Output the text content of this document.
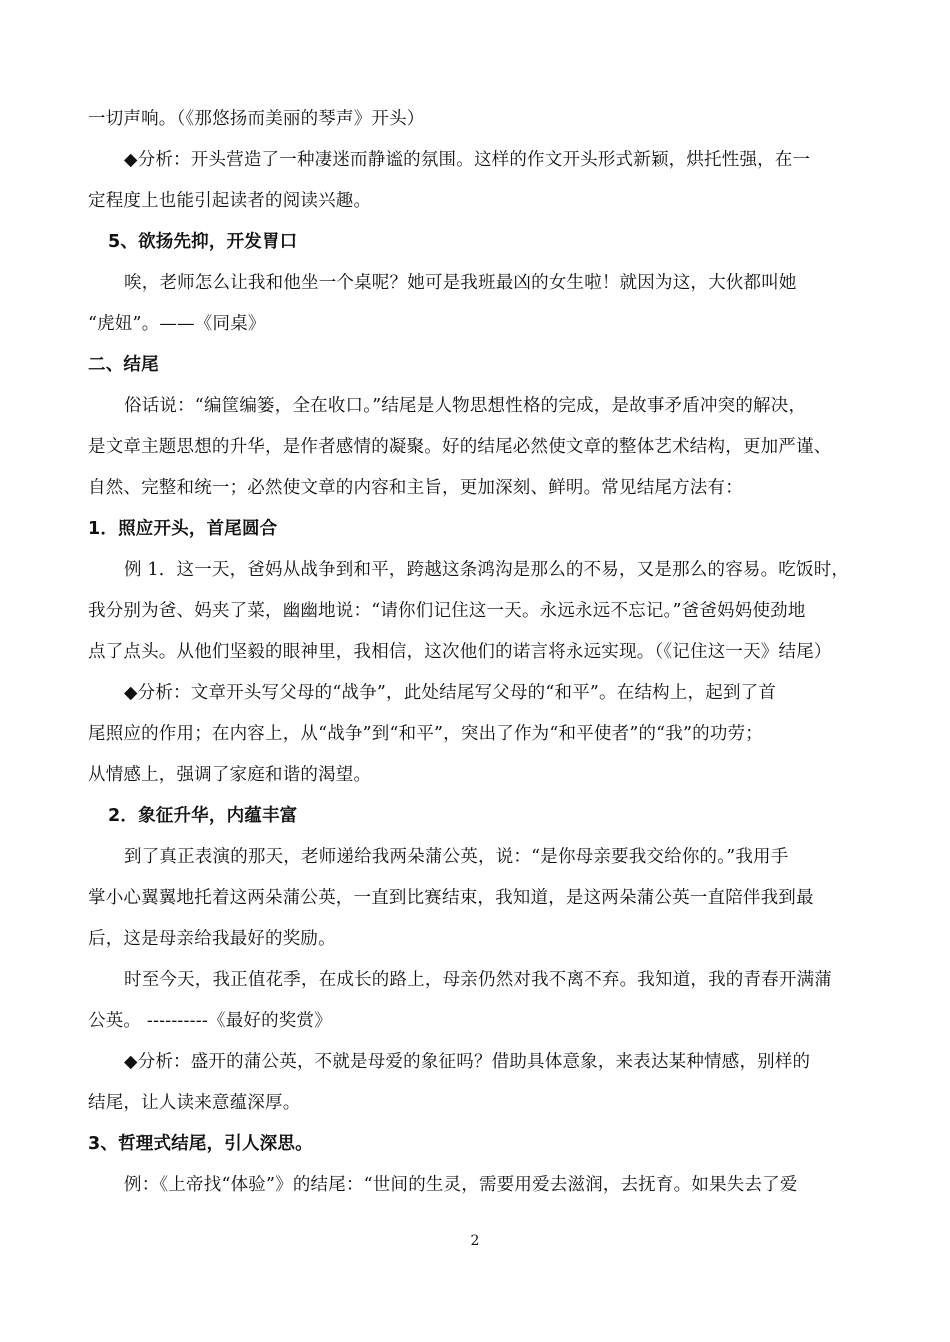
一切声响。（《那悠扬而美丽的琴声》开头）
◆分析：开头营造了一种凄迷而静谧的氛围。这样的作文开头形式新颖，烘托性强，在一
定程度上也能引起读者的阅读兴趣。
5、欲扬先抑，开发胃口
唉，老师怎么让我和他坐一个桌呢？她可是我班最凶的女生啦！就因为这，大伙都叫她
“虎妞”。——《同桌》
二、结尾
俗话说：“编筐编篓，全在收口。”结尾是人物思想性格的完成，是故事矛盾冲突的解决，
是文章主题思想的升华，是作者感情的凝聚。好的结尾必然使文章的整体艺术结构，更加严谨、
自然、完整和统一；必然使文章的内容和主旨，更加深刻、鲜明。常见结尾方法有：
1．照应开头，首尾圆合
例 1．这一天，爸妈从战争到和平，跨越这条鸿沟是那么的不易，又是那么的容易。吃饭时，
我分别为爸、妈夹了菜，幽幽地说：“请你们记住这一天。永远永远不忘记。”爸爸妈妈使劲地
点了点头。从他们坚毅的眼神里，我相信，这次他们的诺言将永远实现。（《记住这一天》结尾）
◆分析：文章开头写父母的“战争”，此处结尾写父母的“和平”。在结构上，起到了首
尾照应的作用；在内容上，从“战争”到“和平”，突出了作为“和平使者”的“我”的功劳；
从情感上，强调了家庭和谐的渴望。
2．象征升华，内蕴丰富
到了真正表演的那天，老师递给我两朵蒲公英，说：“是你母亲要我交给你的。”我用手
掌小心翼翼地托着这两朵蒲公英，一直到比赛结束，我知道，是这两朵蒲公英一直陪伴我到最
后，这是母亲给我最好的奖励。
时至今天，我正值花季，在成长的路上，母亲仍然对我不离不弃。我知道，我的青春开满蒲
公英。 ----------《最好的奖赏》
◆分析：盛开的蒲公英，不就是母爱的象征吗？借助具体意象，来表达某种情感，别样的
结尾，让人读来意蕴深厚。
3、哲理式结尾，引人深思。
例：《上帝找“体验”》的结尾：“世间的生灵，需要用爱去滋润，去抚育。如果失去了爱
2
